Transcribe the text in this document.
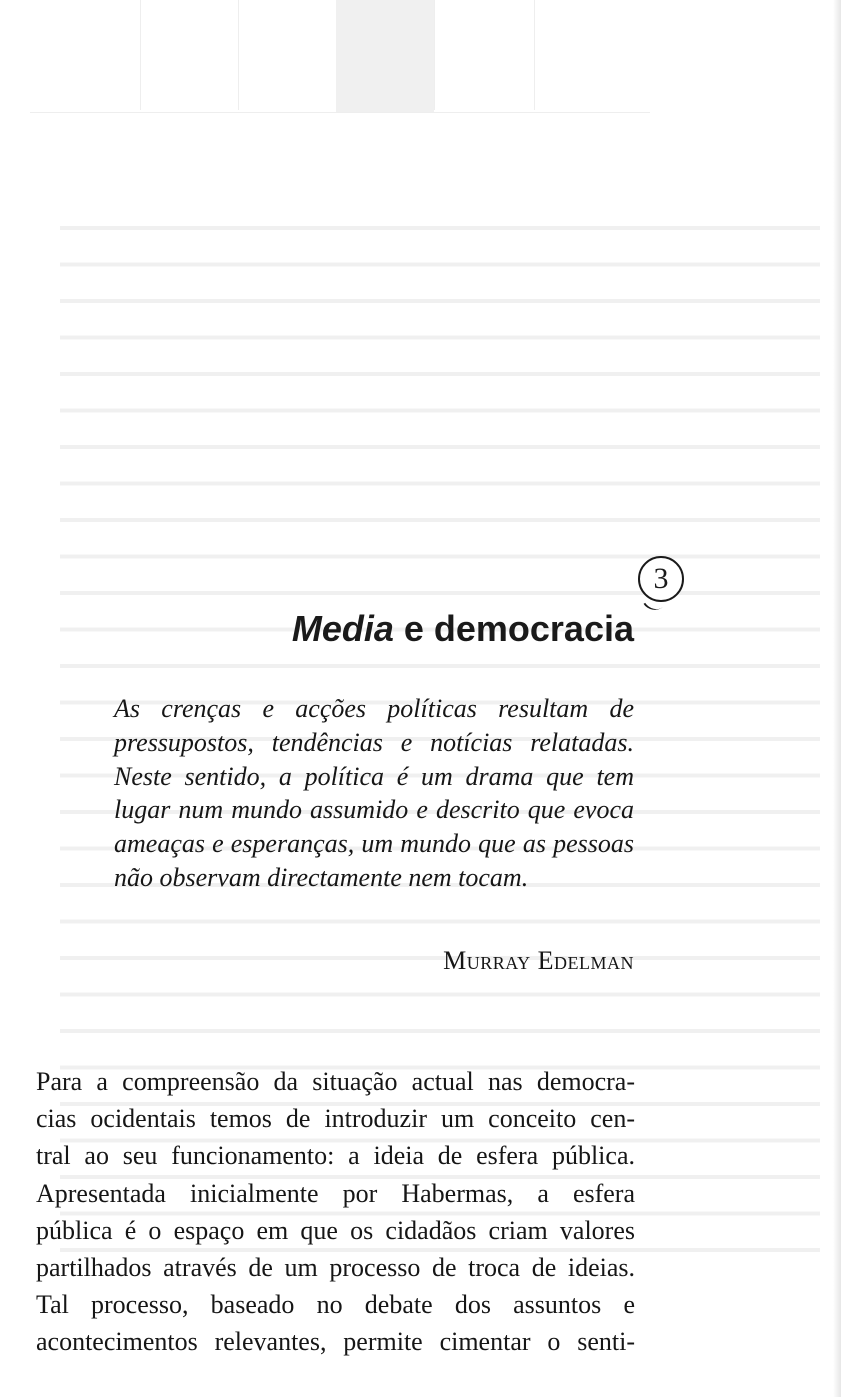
3
Media e democracia

As crenças e acções políticas resultam de pressupostos, tendências e notícias relatadas. Neste sentido, a política é um drama que tem lugar num mundo assumido e descrito que evoca ameaças e esperanças, um mundo que as pessoas não observam directamente nem tocam.

Murray Edelman

Para a compreensão da situação actual nas democra-
cias ocidentais temos de introduzir um conceito cen-
tral ao seu funcionamento: a ideia de esfera pública.
Apresentada inicialmente por Habermas, a esfera
pública é o espaço em que os cidadãos criam valores
partilhados através de um processo de troca de ideias.
Tal processo, baseado no debate dos assuntos e
acontecimentos relevantes, permite cimentar o senti-
